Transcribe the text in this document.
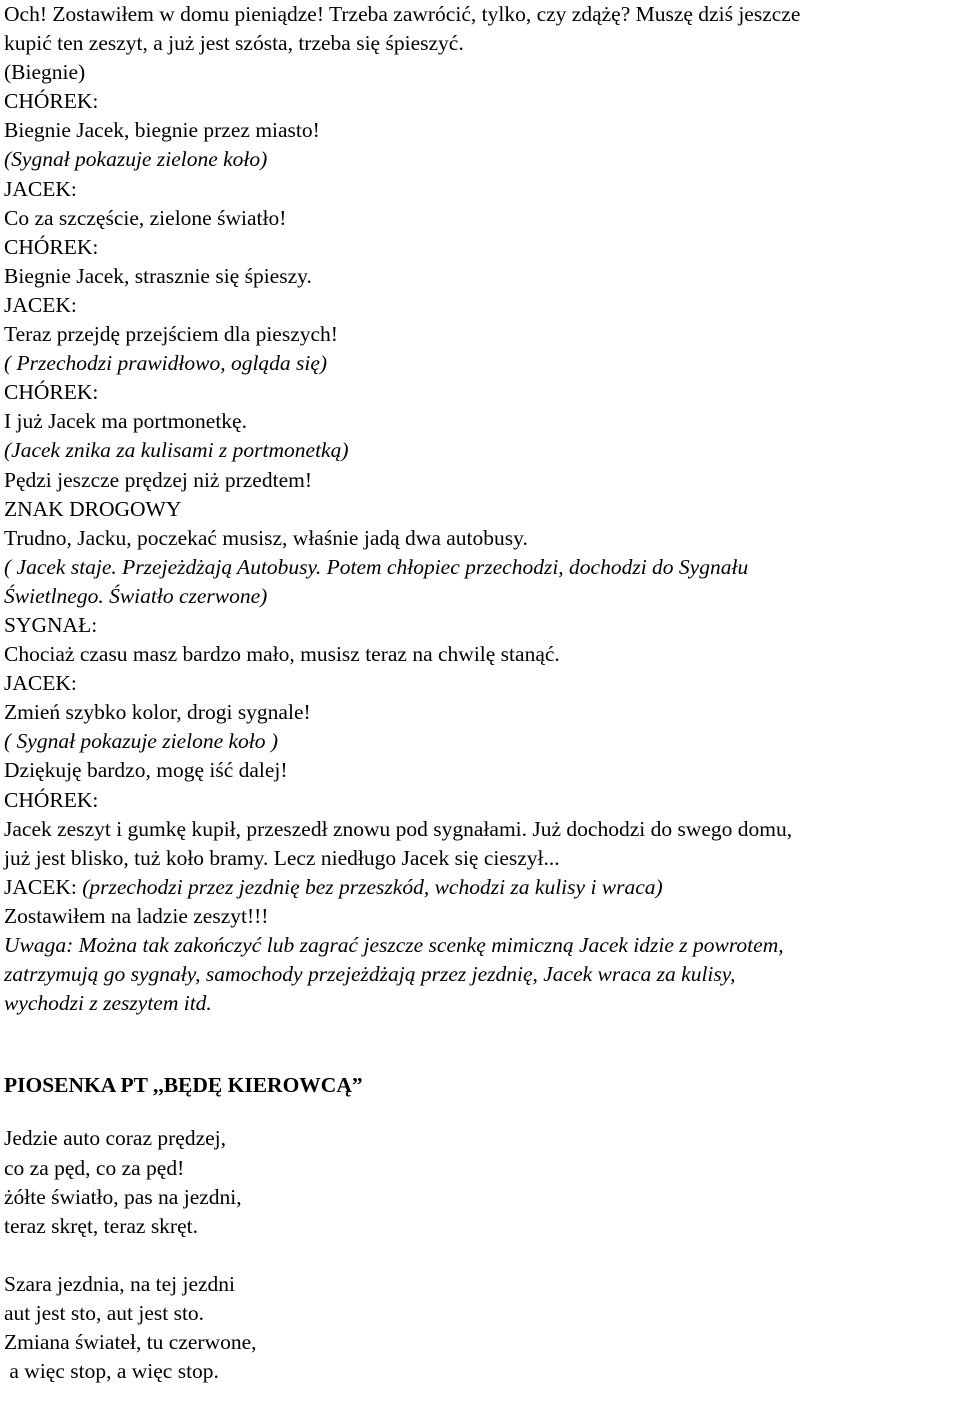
Och! Zostawiłem w domu pieniądze! Trzeba zawrócić, tylko, czy zdążę? Muszę dziś jeszcze
kupić ten zeszyt, a już jest szósta, trzeba się śpieszyć.
(Biegnie)
CHÓREK:
Biegnie Jacek, biegnie przez miasto!
(Sygnał pokazuje zielone koło)
JACEK:
Co za szczęście, zielone światło!
CHÓREK:
Biegnie Jacek, strasznie się śpieszy.
JACEK:
Teraz przejdę przejściem dla pieszych!
( Przechodzi prawidłowo, ogląda się)
CHÓREK:
I już Jacek ma portmonetkę.
(Jacek znika za kulisami z portmonetką)
Pędzi jeszcze prędzej niż przedtem!
ZNAK DROGOWY
Trudno, Jacku, poczekać musisz, właśnie jadą dwa autobusy.
( Jacek staje. Przejeżdżają Autobusy. Potem chłopiec przechodzi, dochodzi do Sygnału
Świetlnego. Światło czerwone)
SYGNAŁ:
Chociaż czasu masz bardzo mało, musisz teraz na chwilę stanąć.
JACEK:
Zmień szybko kolor, drogi sygnale!
( Sygnał pokazuje zielone koło )
Dziękuję bardzo, mogę iść dalej!
CHÓREK:
Jacek zeszyt i gumkę kupił, przeszedł znowu pod sygnałami. Już dochodzi do swego domu,
już jest blisko, tuż koło bramy. Lecz niedługo Jacek się cieszył...
JACEK: (przechodzi przez jezdnię bez przeszkód, wchodzi za kulisy i wraca)
Zostawiłem na ladzie zeszyt!!!
Uwaga: Można tak zakończyć lub zagrać jeszcze scenkę mimiczną Jacek idzie z powrotem,
zatrzymują go sygnały, samochody przejeżdżają przez jezdnię, Jacek wraca za kulisy,
wychodzi z zeszytem itd.
PIOSENKA PT ,,BĘDĘ KIEROWCĄ”
Jedzie auto coraz prędzej,
co za pęd, co za pęd!
żółte światło, pas na jezdni,
teraz skręt, teraz skręt.
Szara jezdnia, na tej jezdni
aut jest sto, aut jest sto.
Zmiana świateł, tu czerwone,
a więc stop, a więc stop.
